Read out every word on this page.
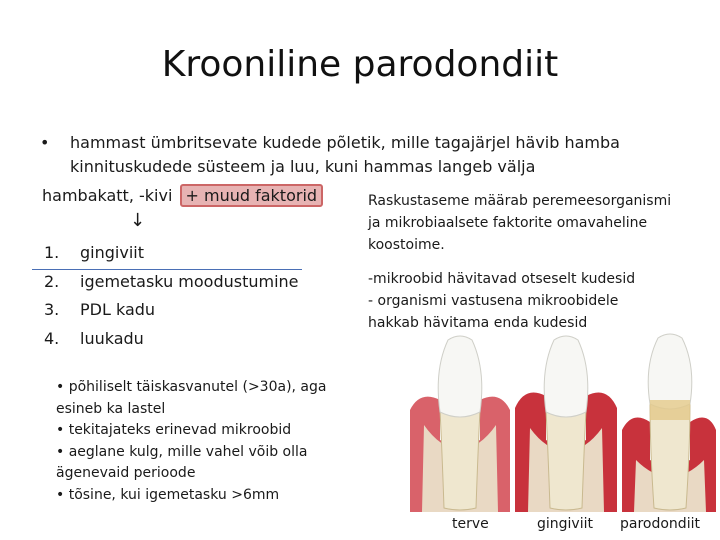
Krooniline parodondiit
• hammast ümbritsevate kudede põletik, mille tagajärjel hävib hamba kinnituskudede süsteem ja luu, kuni hammas langeb välja
hambakatt, -kivi + muud faktorid
↓
1. gingiviit
2. igemetasku moodustumine
3. PDL kadu
4. luukadu
Raskustaseme määrab peremeesorganismi ja mikrobiaalsete faktorite omavaheline koostoime.
-mikroobid hävitavad otseselt kudesid
- organismi vastusena mikroobidele hakkab hävitama enda kudesid
• põhiliselt täiskasvanutel (>30a), aga esineb ka lastel
• tekitajateks erinevad mikroobid
• aeglane kulg, mille vahel võib olla ägenevaid perioode
• tõsine, kui igemetasku >6mm
terve	gingiviit parodondiit
